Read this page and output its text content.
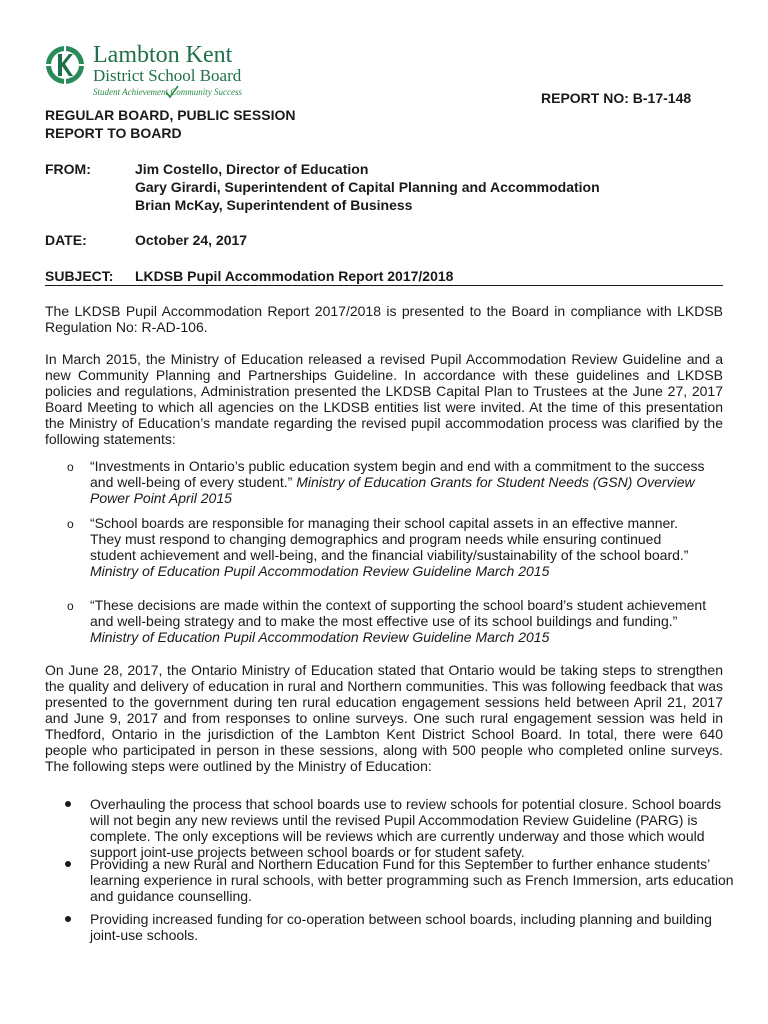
Lambton Kent
District School Board
Student Achievement Community Success	REPORT NO: B-17-148
REGULAR BOARD, PUBLIC SESSION
REPORT TO BOARD
FROM:	Jim Costello, Director of Education
Gary Girardi, Superintendent of Capital Planning and Accommodation
Brian McKay, Superintendent of Business
DATE:	October 24, 2017
SUBJECT: LKDSB Pupil Accommodation Report 2017/2018

The LKDSB Pupil Accommodation Report 2017/2018 is presented to the Board in compliance with LKDSB Regulation No: R-AD-106.

In March 2015, the Ministry of Education released a revised Pupil Accommodation Review Guideline and a new Community Planning and Partnerships Guideline. In accordance with these guidelines and LKDSB policies and regulations, Administration presented the LKDSB Capital Plan to Trustees at the June 27, 2017 Board Meeting to which all agencies on the LKDSB entities list were invited. At the time of this presentation the Ministry of Education’s mandate regarding the revised pupil accommodation process was clarified by the following statements:

o “Investments in Ontario’s public education system begin and end with a commitment to the success and well-being of every student.” Ministry of Education Grants for Student Needs (GSN) Overview Power Point April 2015

o “School boards are responsible for managing their school capital assets in an effective manner. They must respond to changing demographics and program needs while ensuring continued student achievement and well-being, and the financial viability/sustainability of the school board.” Ministry of Education Pupil Accommodation Review Guideline March 2015

o “These decisions are made within the context of supporting the school board’s student achievement and well-being strategy and to make the most effective use of its school buildings and funding.”
Ministry of Education Pupil Accommodation Review Guideline March 2015

On June 28, 2017, the Ontario Ministry of Education stated that Ontario would be taking steps to strengthen the quality and delivery of education in rural and Northern communities. This was following feedback that was presented to the government during ten rural education engagement sessions held between April 21, 2017 and June 9, 2017 and from responses to online surveys. One such rural engagement session was held in Thedford, Ontario in the jurisdiction of the Lambton Kent District School Board. In total, there were 640 people who participated in person in these sessions, along with 500 people who completed online surveys. The following steps were outlined by the Ministry of Education:

Overhauling the process that school boards use to review schools for potential closure. School boards will not begin any new reviews until the revised Pupil Accommodation Review Guideline (PARG) is complete. The only exceptions will be reviews which are currently underway and those which would support joint-use projects between school boards or for student safety.

Providing a new Rural and Northern Education Fund for this September to further enhance students’ learning experience in rural schools, with better programming such as French Immersion, arts education and guidance counselling.

Providing increased funding for co-operation between school boards, including planning and building joint-use schools.
